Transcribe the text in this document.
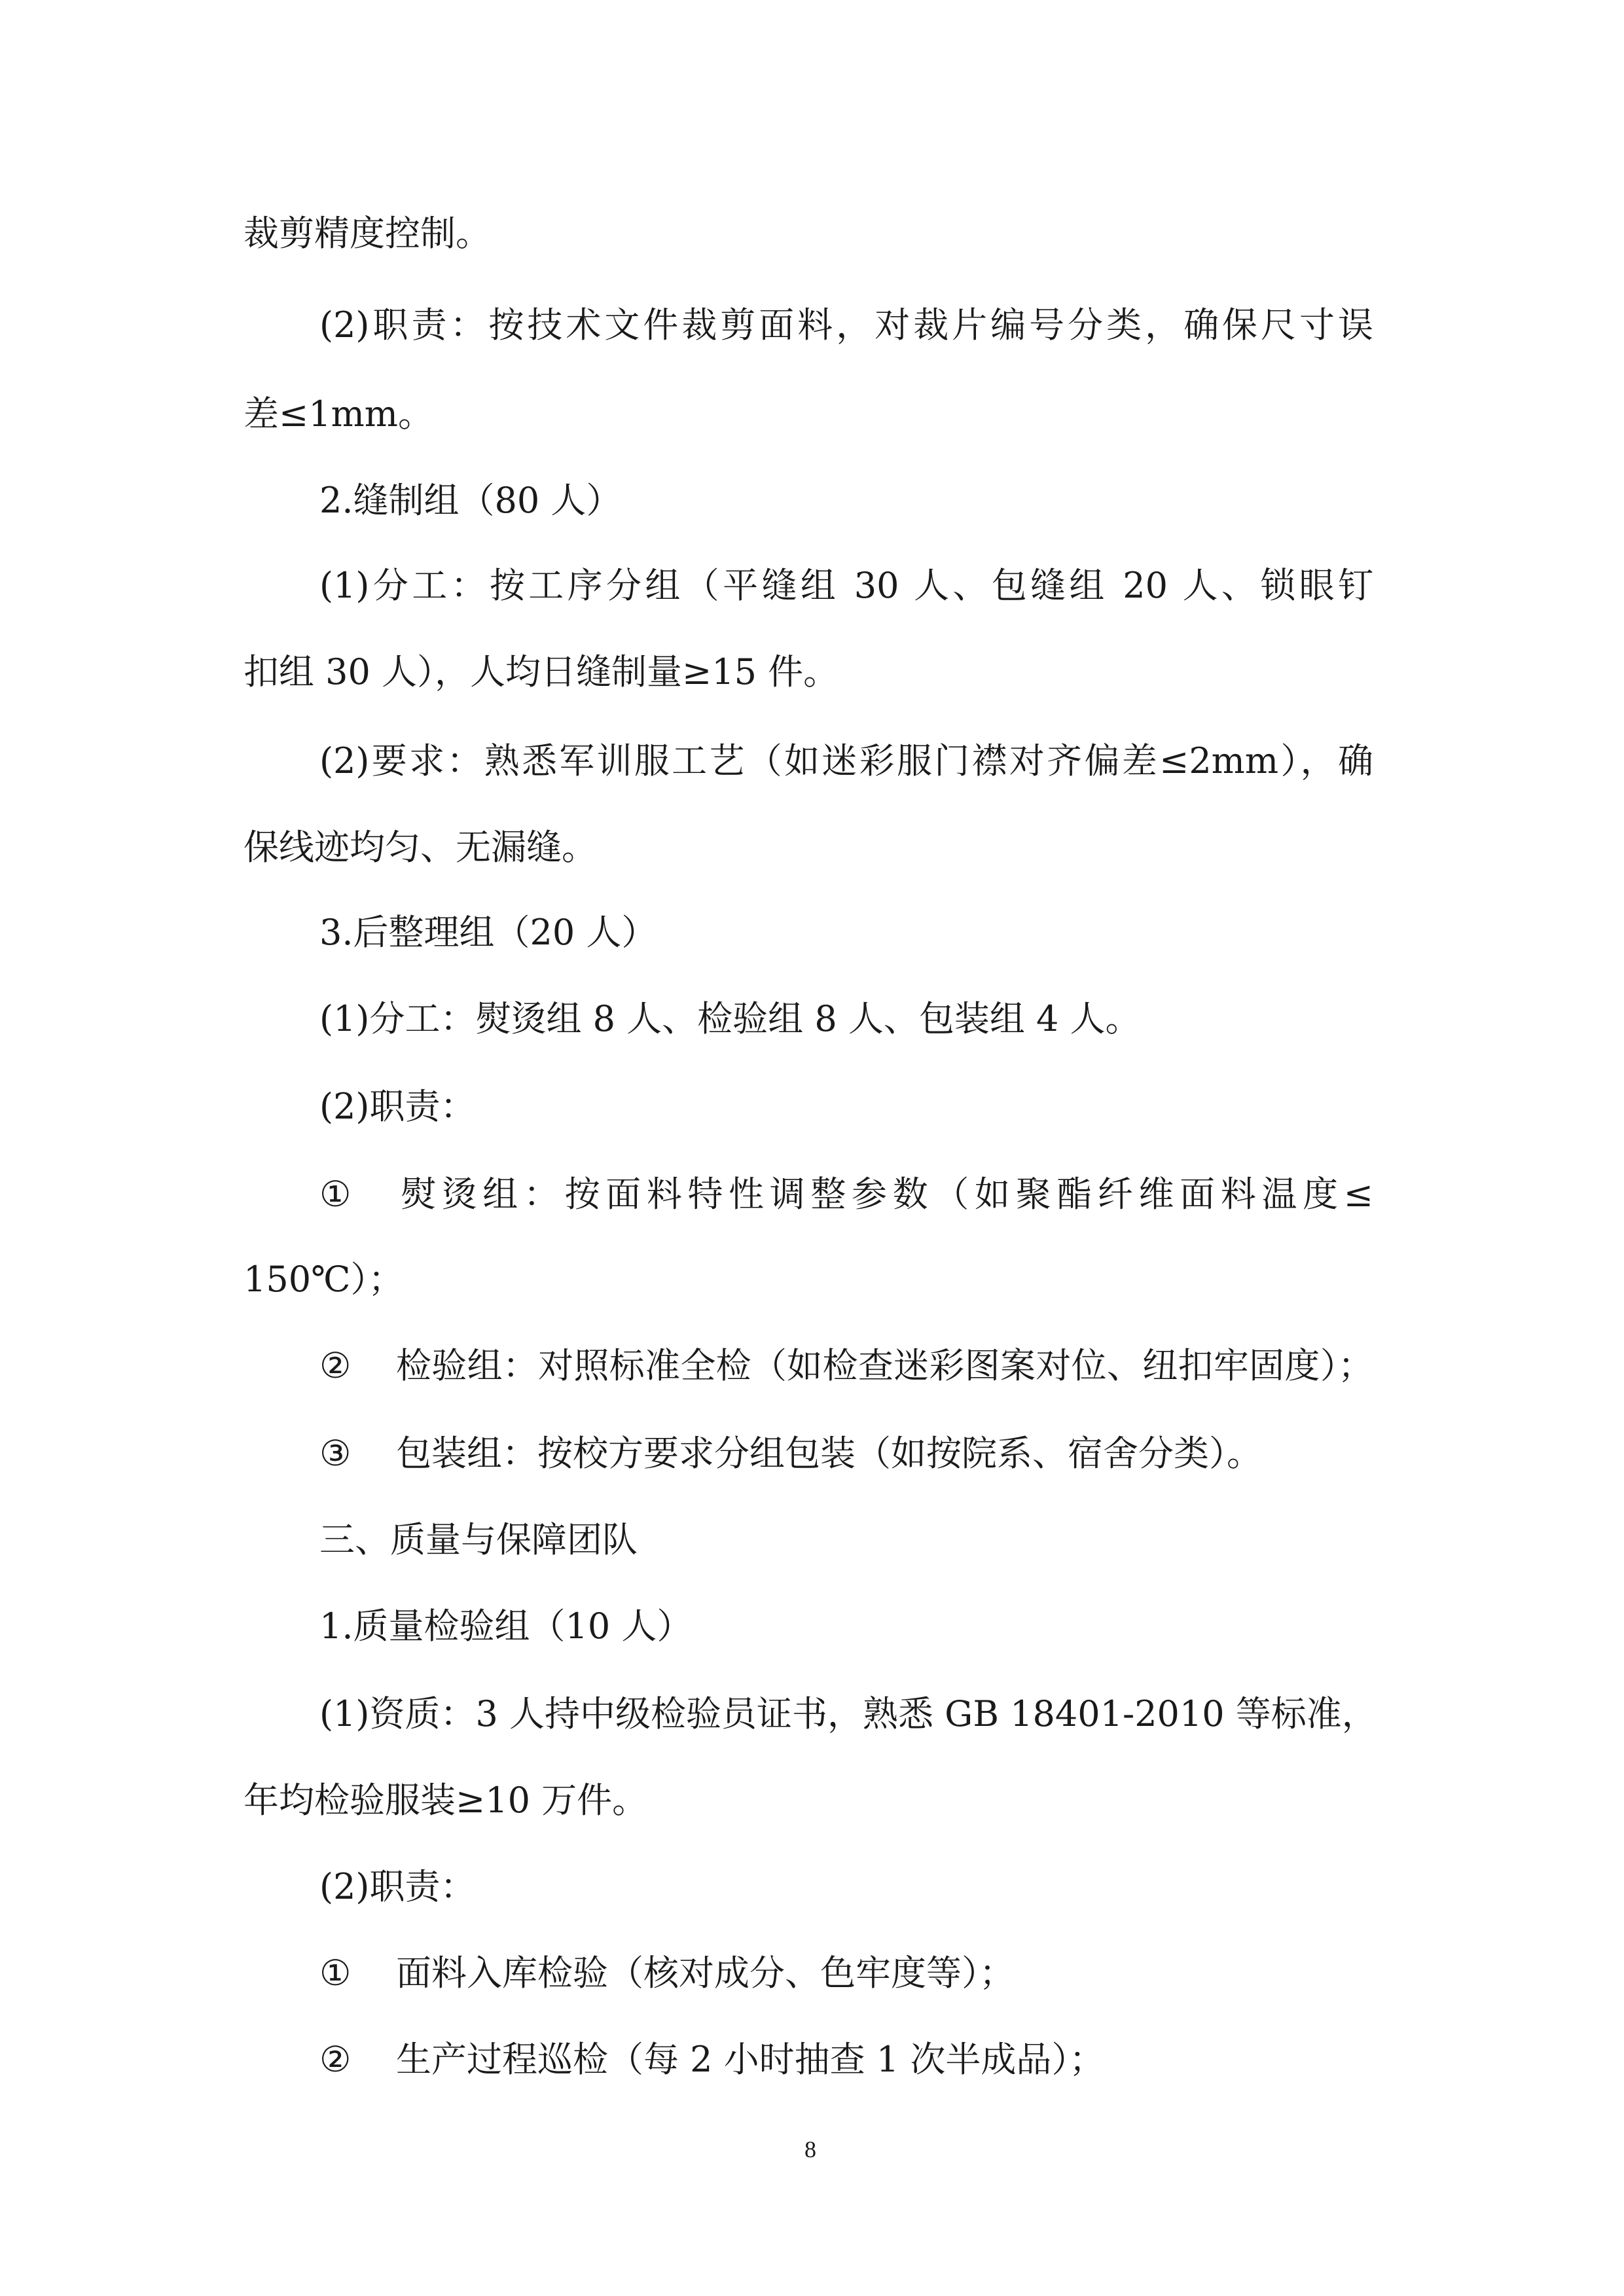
裁剪精度控制。
(2)职责：按技术文件裁剪面料，对裁片编号分类，确保尺寸误
差≤1mm。
2.缝制组（80 人）
(1)分工：按工序分组（平缝组 30 人、包缝组 20 人、锁眼钉
扣组 30 人），人均日缝制量≥15 件。
(2)要求：熟悉军训服工艺（如迷彩服门襟对齐偏差≤2mm），确
保线迹均匀、无漏缝。
3.后整理组（20 人）
(1)分工：熨烫组 8 人、检验组 8 人、包装组 4 人。
(2)职责：
① 熨烫组：按面料特性调整参数（如聚酯纤维面料温度≤
150℃）；
② 检验组：对照标准全检（如检查迷彩图案对位、纽扣牢固度）；
③ 包装组：按校方要求分组包装（如按院系、宿舍分类）。
三、质量与保障团队
1.质量检验组（10 人）
(1)资质：3 人持中级检验员证书，熟悉 GB 18401-2010 等标准，
年均检验服装≥10 万件。
(2)职责：
① 面料入库检验（核对成分、色牢度等）；
② 生产过程巡检（每 2 小时抽查 1 次半成品）；
8
